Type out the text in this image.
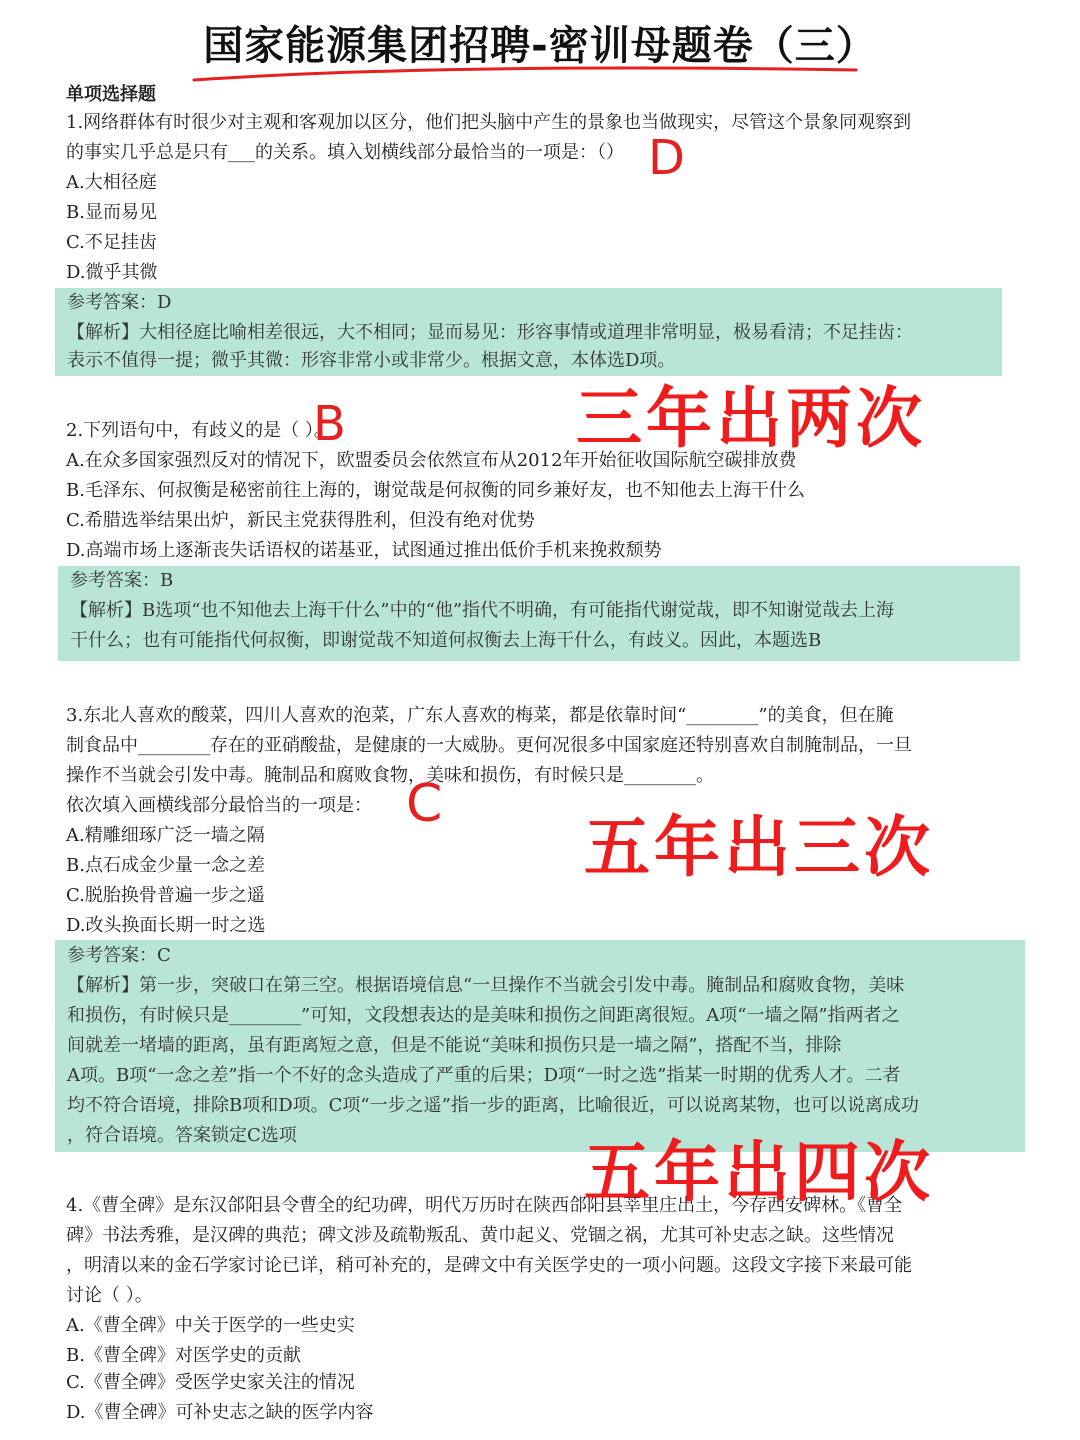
国家能源集团招聘-密训母题卷（三）
单项选择题
1.网络群体有时很少对主观和客观加以区分，他们把头脑中产生的景象也当做现实，尽管这个景象同观察到
的事实几乎总是只有___的关系。填入划横线部分最恰当的一项是：（）
A.大相径庭
B.显而易见
C.不足挂齿
D.微乎其微
参考答案：D
【解析】大相径庭比喻相差很远，大不相同；显而易见：形容事情或道理非常明显，极易看清；不足挂齿：
表示不值得一提；微乎其微：形容非常小或非常少。根据文意，本体选D项。
D
2.下列语句中，有歧义的是（ ）。
A.在众多国家强烈反对的情况下，欧盟委员会依然宣布从2012年开始征收国际航空碳排放费
B.毛泽东、何叔衡是秘密前往上海的，谢觉哉是何叔衡的同乡兼好友，也不知他去上海干什么
C.希腊选举结果出炉，新民主党获得胜利，但没有绝对优势
D.高端市场上逐渐丧失话语权的诺基亚，试图通过推出低价手机来挽救颓势
参考答案：B
【解析】B选项“也不知他去上海干什么”中的“他”指代不明确，有可能指代谢觉哉，即不知谢觉哉去上海
干什么；也有可能指代何叔衡，即谢觉哉不知道何叔衡去上海干什么，有歧义。因此，本题选B
B	三年出两次
3.东北人喜欢的酸菜，四川人喜欢的泡菜，广东人喜欢的梅菜，都是依靠时间“________”的美食，但在腌
制食品中________存在的亚硝酸盐，是健康的一大威胁。更何况很多中国家庭还特别喜欢自制腌制品，一旦
操作不当就会引发中毒。腌制品和腐败食物，美味和损伤，有时候只是________。
依次填入画横线部分最恰当的一项是：
A.精雕细琢广泛一墙之隔
B.点石成金少量一念之差
C.脱胎换骨普遍一步之遥
D.改头换面长期一时之选
参考答案：C
【解析】第一步，突破口在第三空。根据语境信息“一旦操作不当就会引发中毒。腌制品和腐败食物，美味
和损伤，有时候只是________”可知，文段想表达的是美味和损伤之间距离很短。A项“一墙之隔”指两者之
间就差一堵墙的距离，虽有距离短之意，但是不能说“美味和损伤只是一墙之隔”，搭配不当，排除
A项。B项“一念之差”指一个不好的念头造成了严重的后果；D项“一时之选”指某一时期的优秀人才。二者
均不符合语境，排除B项和D项。C项“一步之遥”指一步的距离，比喻很近，可以说离某物，也可以说离成功
，符合语境。答案锁定C选项
C
五年出三次
4.《曹全碑》是东汉郃阳县令曹全的纪功碑，明代万历时在陕西郃阳县莘里庄出土，今存西安碑林。《曹全
碑》书法秀雅，是汉碑的典范；碑文涉及疏勒叛乱、黄巾起义、党锢之祸，尤其可补史志之缺。这些情况
，明清以来的金石学家讨论已详，稍可补充的，是碑文中有关医学史的一项小问题。这段文字接下来最可能
讨论（ ）。
A.《曹全碑》中关于医学的一些史实
B.《曹全碑》对医学史的贡献
C.《曹全碑》受医学史家关注的情况
D.《曹全碑》可补史志之缺的医学内容
五年出四次
